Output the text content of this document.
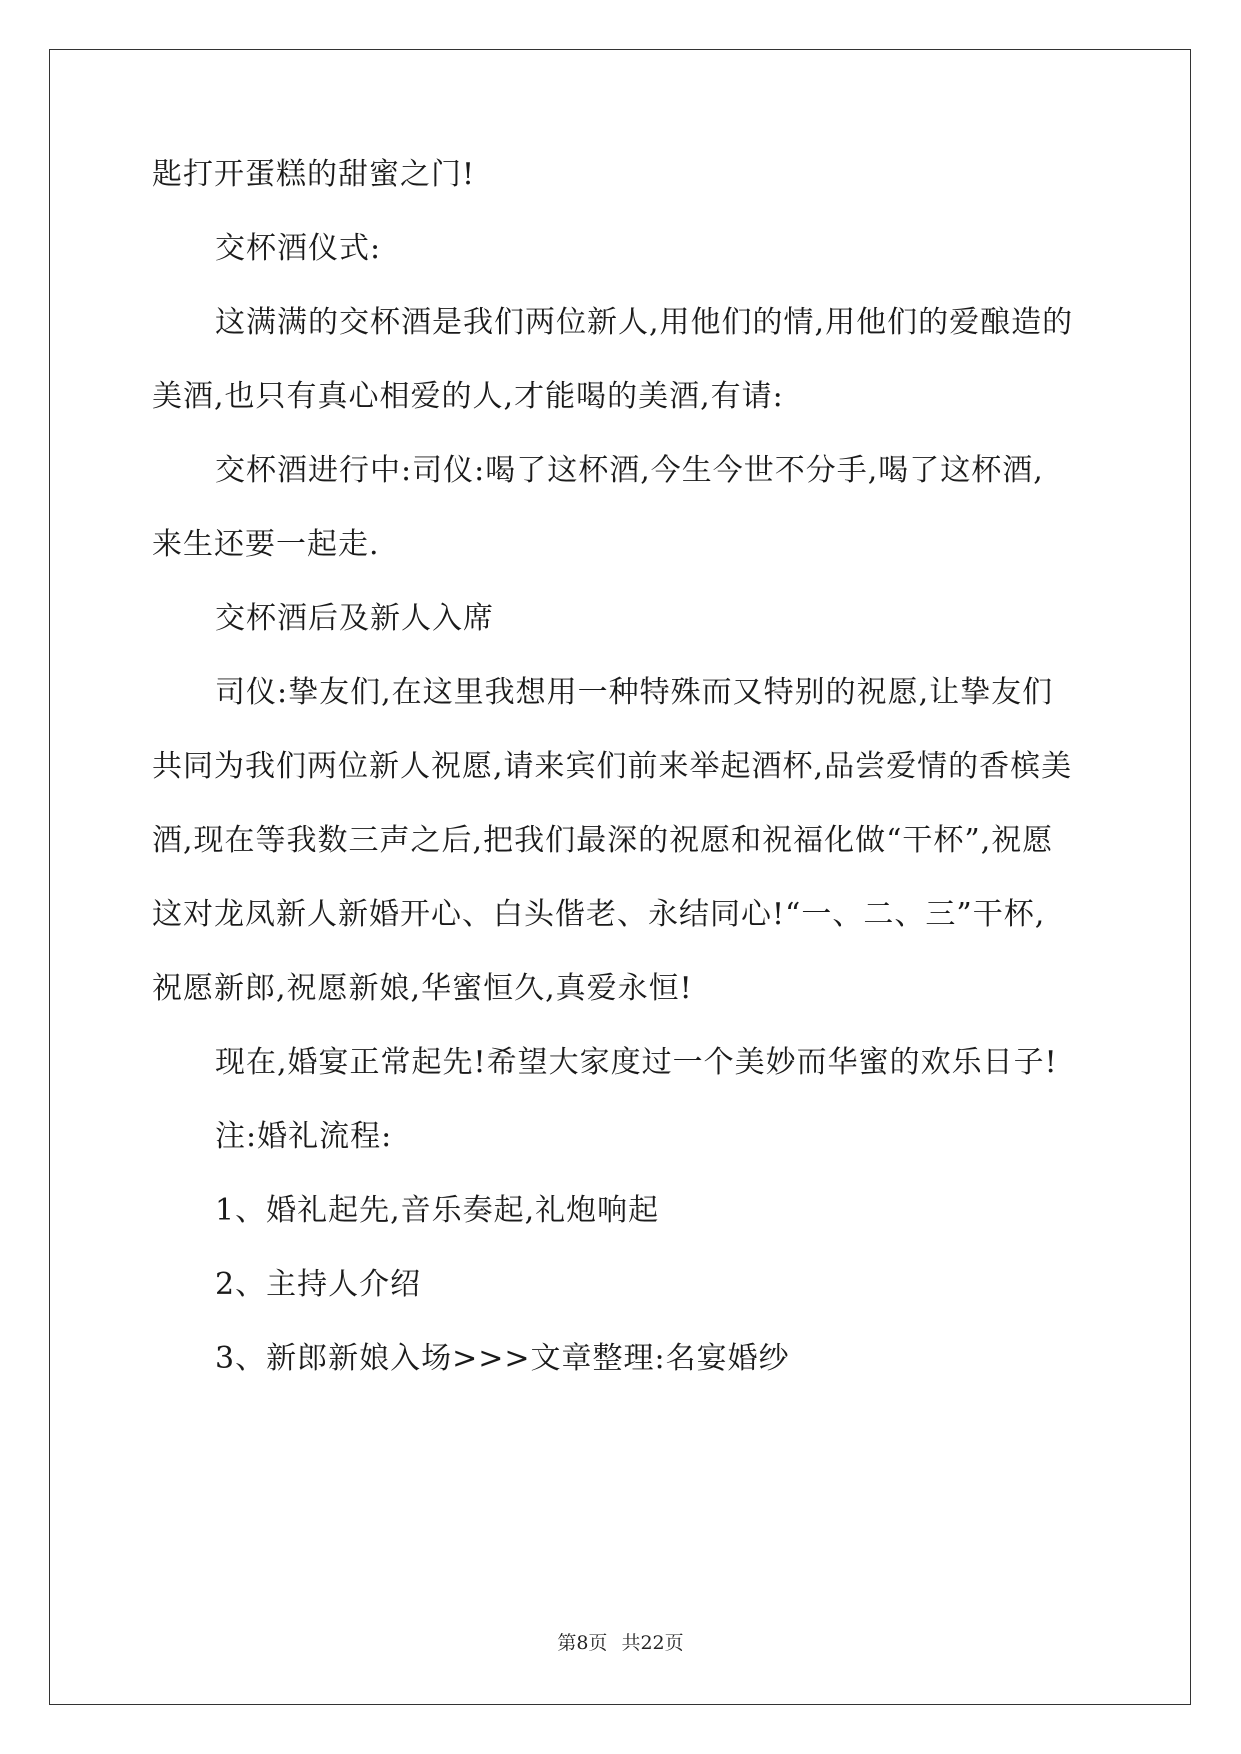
匙打开蛋糕的甜蜜之门!
交杯酒仪式:
这满满的交杯酒是我们两位新人,用他们的情,用他们的爱酿造的
美酒,也只有真心相爱的人,才能喝的美酒,有请:
交杯酒进行中:司仪:喝了这杯酒,今生今世不分手,喝了这杯酒,
来生还要一起走.
交杯酒后及新人入席
司仪:挚友们,在这里我想用一种特殊而又特别的祝愿,让挚友们
共同为我们两位新人祝愿,请来宾们前来举起酒杯,品尝爱情的香槟美
酒,现在等我数三声之后,把我们最深的祝愿和祝福化做“干杯”,祝愿
这对龙凤新人新婚开心、白头偕老、永结同心!“一、二、三”干杯,
祝愿新郎,祝愿新娘,华蜜恒久,真爱永恒!
现在,婚宴正常起先!希望大家度过一个美妙而华蜜的欢乐日子!
注:婚礼流程:
1、婚礼起先,音乐奏起,礼炮响起
2、主持人介绍
3、新郎新娘入场>>>文章整理:名宴婚纱
第8页 共22页
